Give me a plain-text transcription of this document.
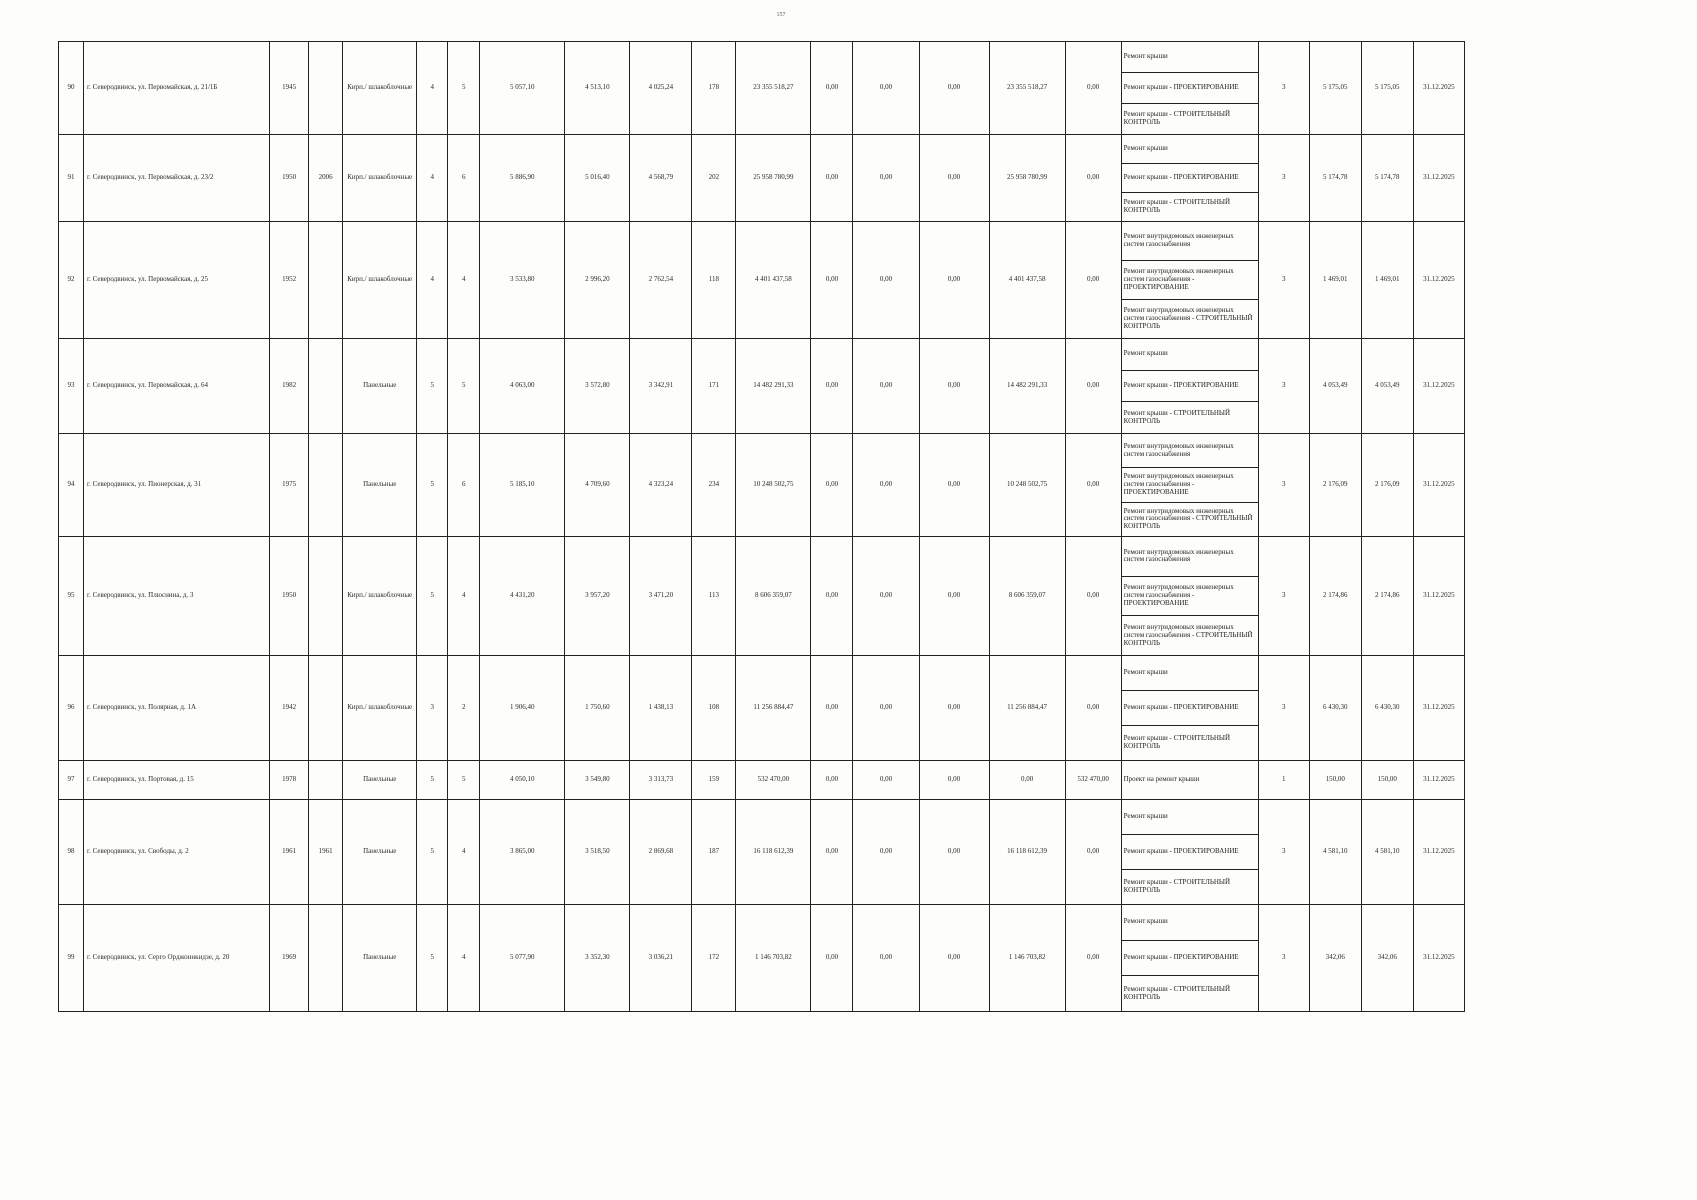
157
90	г. Северодвинск, ул. Первомайская, д. 21/1Б	1945		Кирп./ шлакоблочные	4	5	5 057,10	4 513,10	4 025,24	178	23 355 518,27	0,00	0,00	0,00	23 355 518,27	0,00	Ремонт крыши
Ремонт крыши - ПРОЕКТИРОВАНИЕ
Ремонт крыши - СТРОИТЕЛЬНЫЙ КОНТРОЛЬ	3	5 175,05	5 175,05	31.12.2025
91	г. Северодвинск, ул. Первомайская, д. 23/2	1950	2006	Кирп./ шлакоблочные	4	6	5 886,90	5 016,40	4 568,79	202	25 958 780,99	0,00	0,00	0,00	25 958 780,99	0,00	Ремонт крыши
Ремонт крыши - ПРОЕКТИРОВАНИЕ
Ремонт крыши - СТРОИТЕЛЬНЫЙ КОНТРОЛЬ	3	5 174,78	5 174,78	31.12.2025
92	г. Северодвинск, ул. Первомайская, д. 25	1952		Кирп./ шлакоблочные	4	4	3 533,80	2 996,20	2 762,54	118	4 401 437,58	0,00	0,00	0,00	4 401 437,58	0,00	Ремонт внутридомовых инженерных систем газоснабжения
Ремонт внутридомовых инженерных систем газоснабжения - ПРОЕКТИРОВАНИЕ
Ремонт внутридомовых инженерных систем газоснабжения - СТРОИТЕЛЬНЫЙ КОНТРОЛЬ	3	1 469,01	1 469,01	31.12.2025
93	г. Северодвинск, ул. Первомайская, д. 64	1982		Панельные	5	5	4 063,00	3 572,80	3 342,91	171	14 482 291,33	0,00	0,00	0,00	14 482 291,33	0,00	Ремонт крыши
Ремонт крыши - ПРОЕКТИРОВАНИЕ
Ремонт крыши - СТРОИТЕЛЬНЫЙ КОНТРОЛЬ	3	4 053,49	4 053,49	31.12.2025
94	г. Северодвинск, ул. Пионерская, д. 31	1975		Панельные	5	6	5 185,10	4 709,60	4 323,24	234	10 248 502,75	0,00	0,00	0,00	10 248 502,75	0,00	Ремонт внутридомовых инженерных систем газоснабжения
Ремонт внутридомовых инженерных систем газоснабжения - ПРОЕКТИРОВАНИЕ
Ремонт внутридомовых инженерных систем газоснабжения - СТРОИТЕЛЬНЫЙ КОНТРОЛЬ	3	2 176,09	2 176,09	31.12.2025
95	г. Северодвинск, ул. Плюснина, д. 3	1950		Кирп./ шлакоблочные	5	4	4 431,20	3 957,20	3 471,20	113	8 606 359,07	0,00	0,00	0,00	8 606 359,07	0,00	Ремонт внутридомовых инженерных систем газоснабжения
Ремонт внутридомовых инженерных систем газоснабжения - ПРОЕКТИРОВАНИЕ
Ремонт внутридомовых инженерных систем газоснабжения - СТРОИТЕЛЬНЫЙ КОНТРОЛЬ	3	2 174,86	2 174,86	31.12.2025
96	г. Северодвинск, ул. Полярная, д. 1А	1942		Кирп./ шлакоблочные	3	2	1 906,40	1 750,60	1 438,13	108	11 256 884,47	0,00	0,00	0,00	11 256 884,47	0,00	Ремонт крыши
Ремонт крыши - ПРОЕКТИРОВАНИЕ
Ремонт крыши - СТРОИТЕЛЬНЫЙ КОНТРОЛЬ	3	6 430,30	6 430,30	31.12.2025
97	г. Северодвинск, ул. Портовая, д. 15	1978		Панельные	5	5	4 050,10	3 549,80	3 313,73	159	532 470,00	0,00	0,00	0,00	0,00	532 470,00	Проект на ремонт крыши	1	150,00	150,00	31.12.2025
98	г. Северодвинск, ул. Свободы, д. 2	1961	1961	Панельные	5	4	3 865,00	3 518,50	2 869,68	187	16 118 612,39	0,00	0,00	0,00	16 118 612,39	0,00	Ремонт крыши
Ремонт крыши - ПРОЕКТИРОВАНИЕ
Ремонт крыши - СТРОИТЕЛЬНЫЙ КОНТРОЛЬ	3	4 581,10	4 581,10	31.12.2025
99	г. Северодвинск, ул. Серго Орджоникидзе, д. 20	1969		Панельные	5	4	5 077,90	3 352,30	3 036,21	172	1 146 703,82	0,00	0,00	0,00	1 146 703,82	0,00	Ремонт крыши
Ремонт крыши - ПРОЕКТИРОВАНИЕ
Ремонт крыши - СТРОИТЕЛЬНЫЙ КОНТРОЛЬ	3	342,06	342,06	31.12.2025
